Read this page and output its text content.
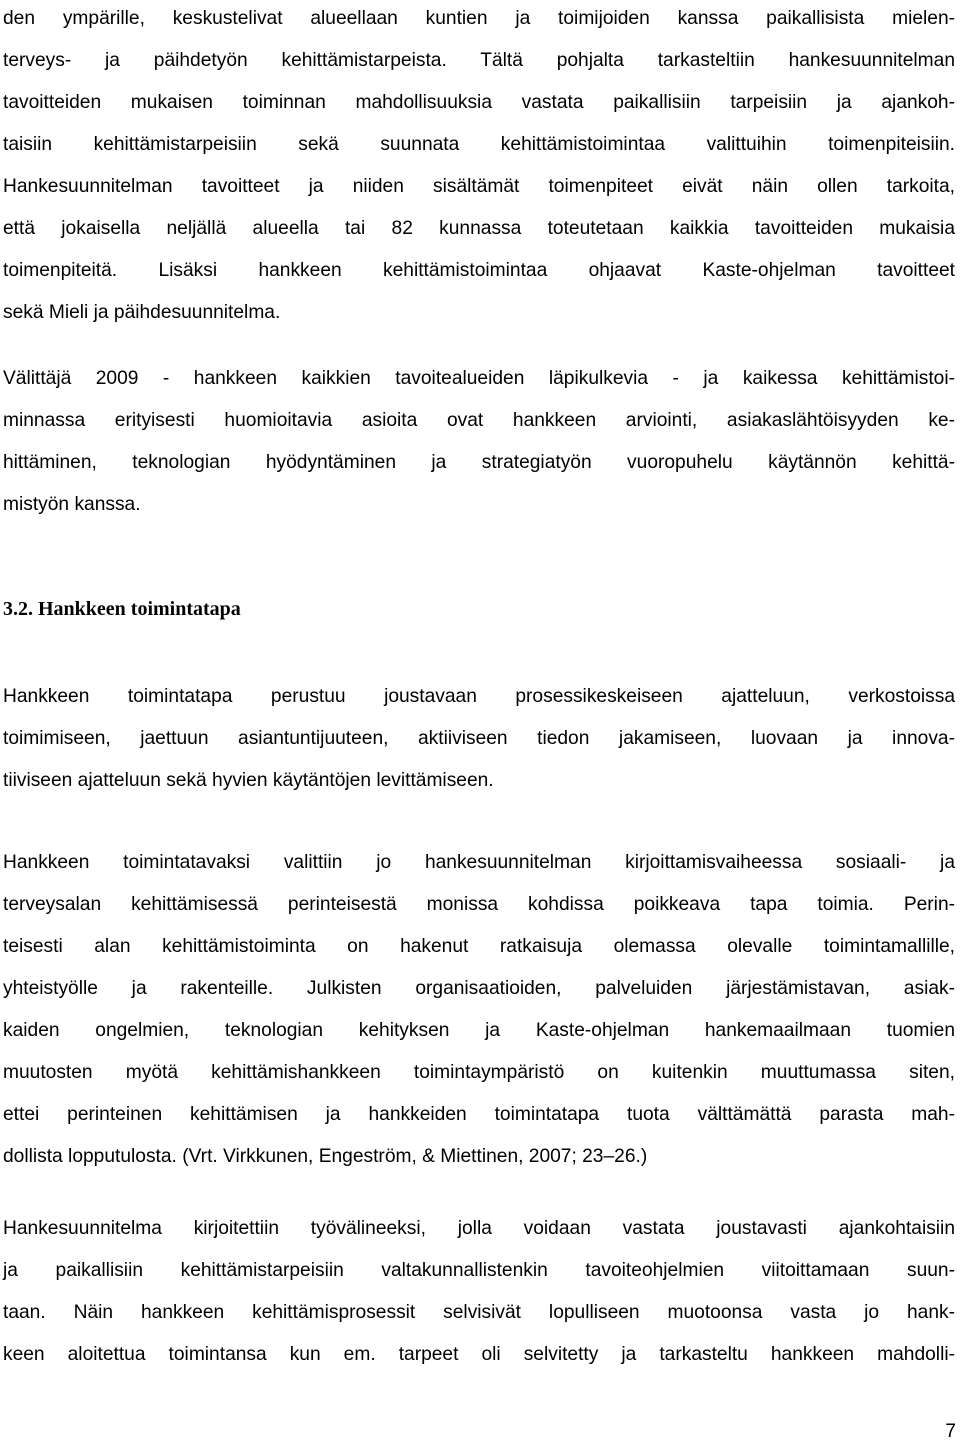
den ympärille, keskustelivat alueellaan kuntien ja toimijoiden kanssa paikallisista mielen-
terveys- ja päihdetyön kehittämistarpeista. Tältä pohjalta tarkasteltiin hankesuunnitelman
tavoitteiden mukaisen toiminnan mahdollisuuksia vastata paikallisiin tarpeisiin ja ajankoh-
taisiin kehittämistarpeisiin sekä suunnata kehittämistoimintaa valittuihin toimenpiteisiin.
Hankesuunnitelman tavoitteet ja niiden sisältämät toimenpiteet eivät näin ollen tarkoita,
että jokaisella neljällä alueella tai 82 kunnassa toteutetaan kaikkia tavoitteiden mukaisia
toimenpiteitä. Lisäksi hankkeen kehittämistoimintaa ohjaavat Kaste-ohjelman tavoitteet
sekä Mieli ja päihdesuunnitelma.
Välittäjä 2009 - hankkeen kaikkien tavoitealueiden läpikulkevia - ja kaikessa kehittämistoi-
minnassa erityisesti huomioitavia asioita ovat hankkeen arviointi, asiakaslähtöisyyden ke-
hittäminen, teknologian hyödyntäminen ja strategiatyön vuoropuhelu käytännön kehittä-
mistyön kanssa.
3.2. Hankkeen toimintatapa
Hankkeen toimintatapa perustuu joustavaan prosessikeskeiseen ajatteluun, verkostoissa
toimimiseen, jaettuun asiantuntijuuteen, aktiiviseen tiedon jakamiseen, luovaan ja innova-
tiiviseen ajatteluun sekä hyvien käytäntöjen levittämiseen.
Hankkeen toimintatavaksi valittiin jo hankesuunnitelman kirjoittamisvaiheessa sosiaali- ja
terveysalan kehittämisessä perinteisestä monissa kohdissa poikkeava tapa toimia. Perin-
teisesti alan kehittämistoiminta on hakenut ratkaisuja olemassa olevalle toimintamallille,
yhteistyölle ja rakenteille. Julkisten organisaatioiden, palveluiden järjestämistavan, asiak-
kaiden ongelmien, teknologian kehityksen ja Kaste-ohjelman hankemaailmaan tuomien
muutosten myötä kehittämishankkeen toimintaympäristö on kuitenkin muuttumassa siten,
ettei perinteinen kehittämisen ja hankkeiden toimintatapa tuota välttämättä parasta mah-
dollista lopputulosta. (Vrt. Virkkunen, Engeström, & Miettinen, 2007; 23–26.)
Hankesuunnitelma kirjoitettiin työvälineeksi, jolla voidaan vastata joustavasti ajankohtaisiin
ja paikallisiin kehittämistarpeisiin valtakunnallistenkin tavoiteohjelmien viitoittamaan suun-
taan. Näin hankkeen kehittämisprosessit selvisivät lopulliseen muotoonsa vasta jo hank-
keen aloitettua toimintansa kun em. tarpeet oli selvitetty ja tarkasteltu hankkeen mahdolli-
7
